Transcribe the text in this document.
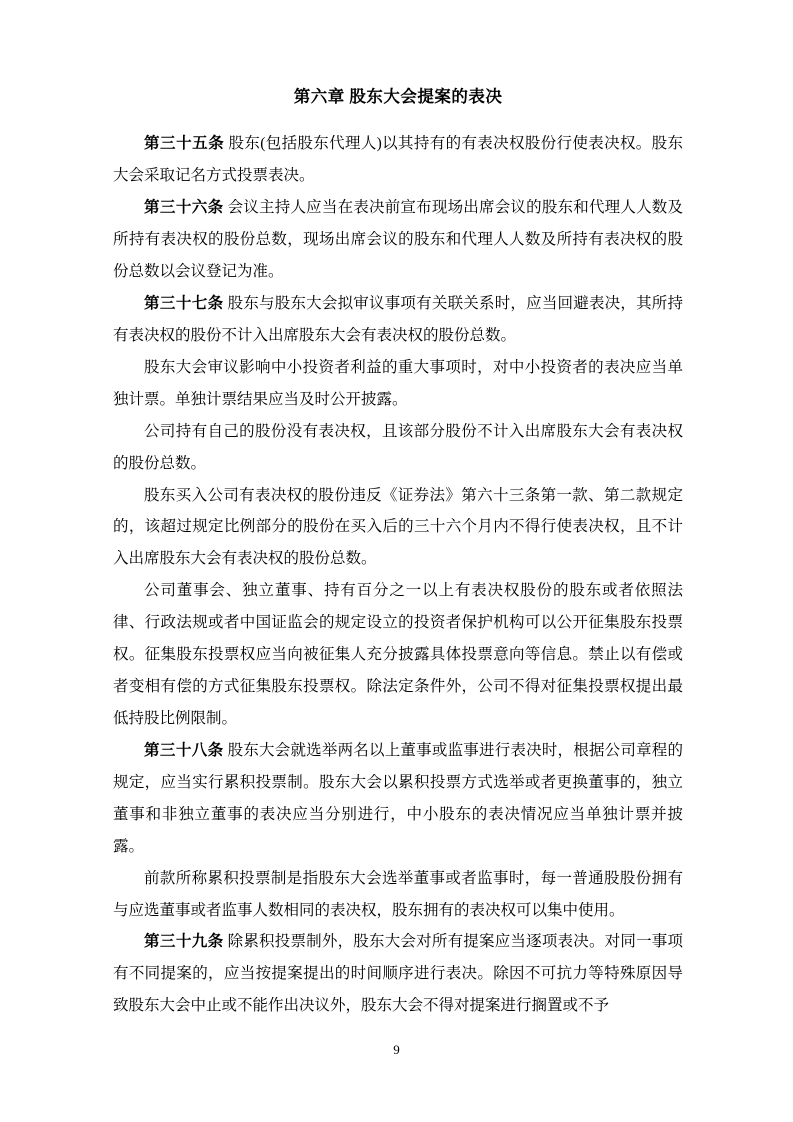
第六章 股东大会提案的表决

第三十五条 股东(包括股东代理人)以其持有的有表决权股份行使表决权。股东大会采取记名方式投票表决。

第三十六条 会议主持人应当在表决前宣布现场出席会议的股东和代理人人数及所持有表决权的股份总数，现场出席会议的股东和代理人人数及所持有表决权的股份总数以会议登记为准。

第三十七条 股东与股东大会拟审议事项有关联关系时，应当回避表决，其所持有表决权的股份不计入出席股东大会有表决权的股份总数。

股东大会审议影响中小投资者利益的重大事项时，对中小投资者的表决应当单独计票。单独计票结果应当及时公开披露。

公司持有自己的股份没有表决权，且该部分股份不计入出席股东大会有表决权的股份总数。

股东买入公司有表决权的股份违反《证券法》第六十三条第一款、第二款规定的，该超过规定比例部分的股份在买入后的三十六个月内不得行使表决权，且不计入出席股东大会有表决权的股份总数。

公司董事会、独立董事、持有百分之一以上有表决权股份的股东或者依照法律、行政法规或者中国证监会的规定设立的投资者保护机构可以公开征集股东投票权。征集股东投票权应当向被征集人充分披露具体投票意向等信息。禁止以有偿或者变相有偿的方式征集股东投票权。除法定条件外，公司不得对征集投票权提出最低持股比例限制。

第三十八条 股东大会就选举两名以上董事或监事进行表决时，根据公司章程的规定，应当实行累积投票制。股东大会以累积投票方式选举或者更换董事的，独立董事和非独立董事的表决应当分别进行，中小股东的表决情况应当单独计票并披露。

前款所称累积投票制是指股东大会选举董事或者监事时，每一普通股股份拥有与应选董事或者监事人数相同的表决权，股东拥有的表决权可以集中使用。

第三十九条 除累积投票制外，股东大会对所有提案应当逐项表决。对同一事项有不同提案的，应当按提案提出的时间顺序进行表决。除因不可抗力等特殊原因导致股东大会中止或不能作出决议外，股东大会不得对提案进行搁置或不予

9
